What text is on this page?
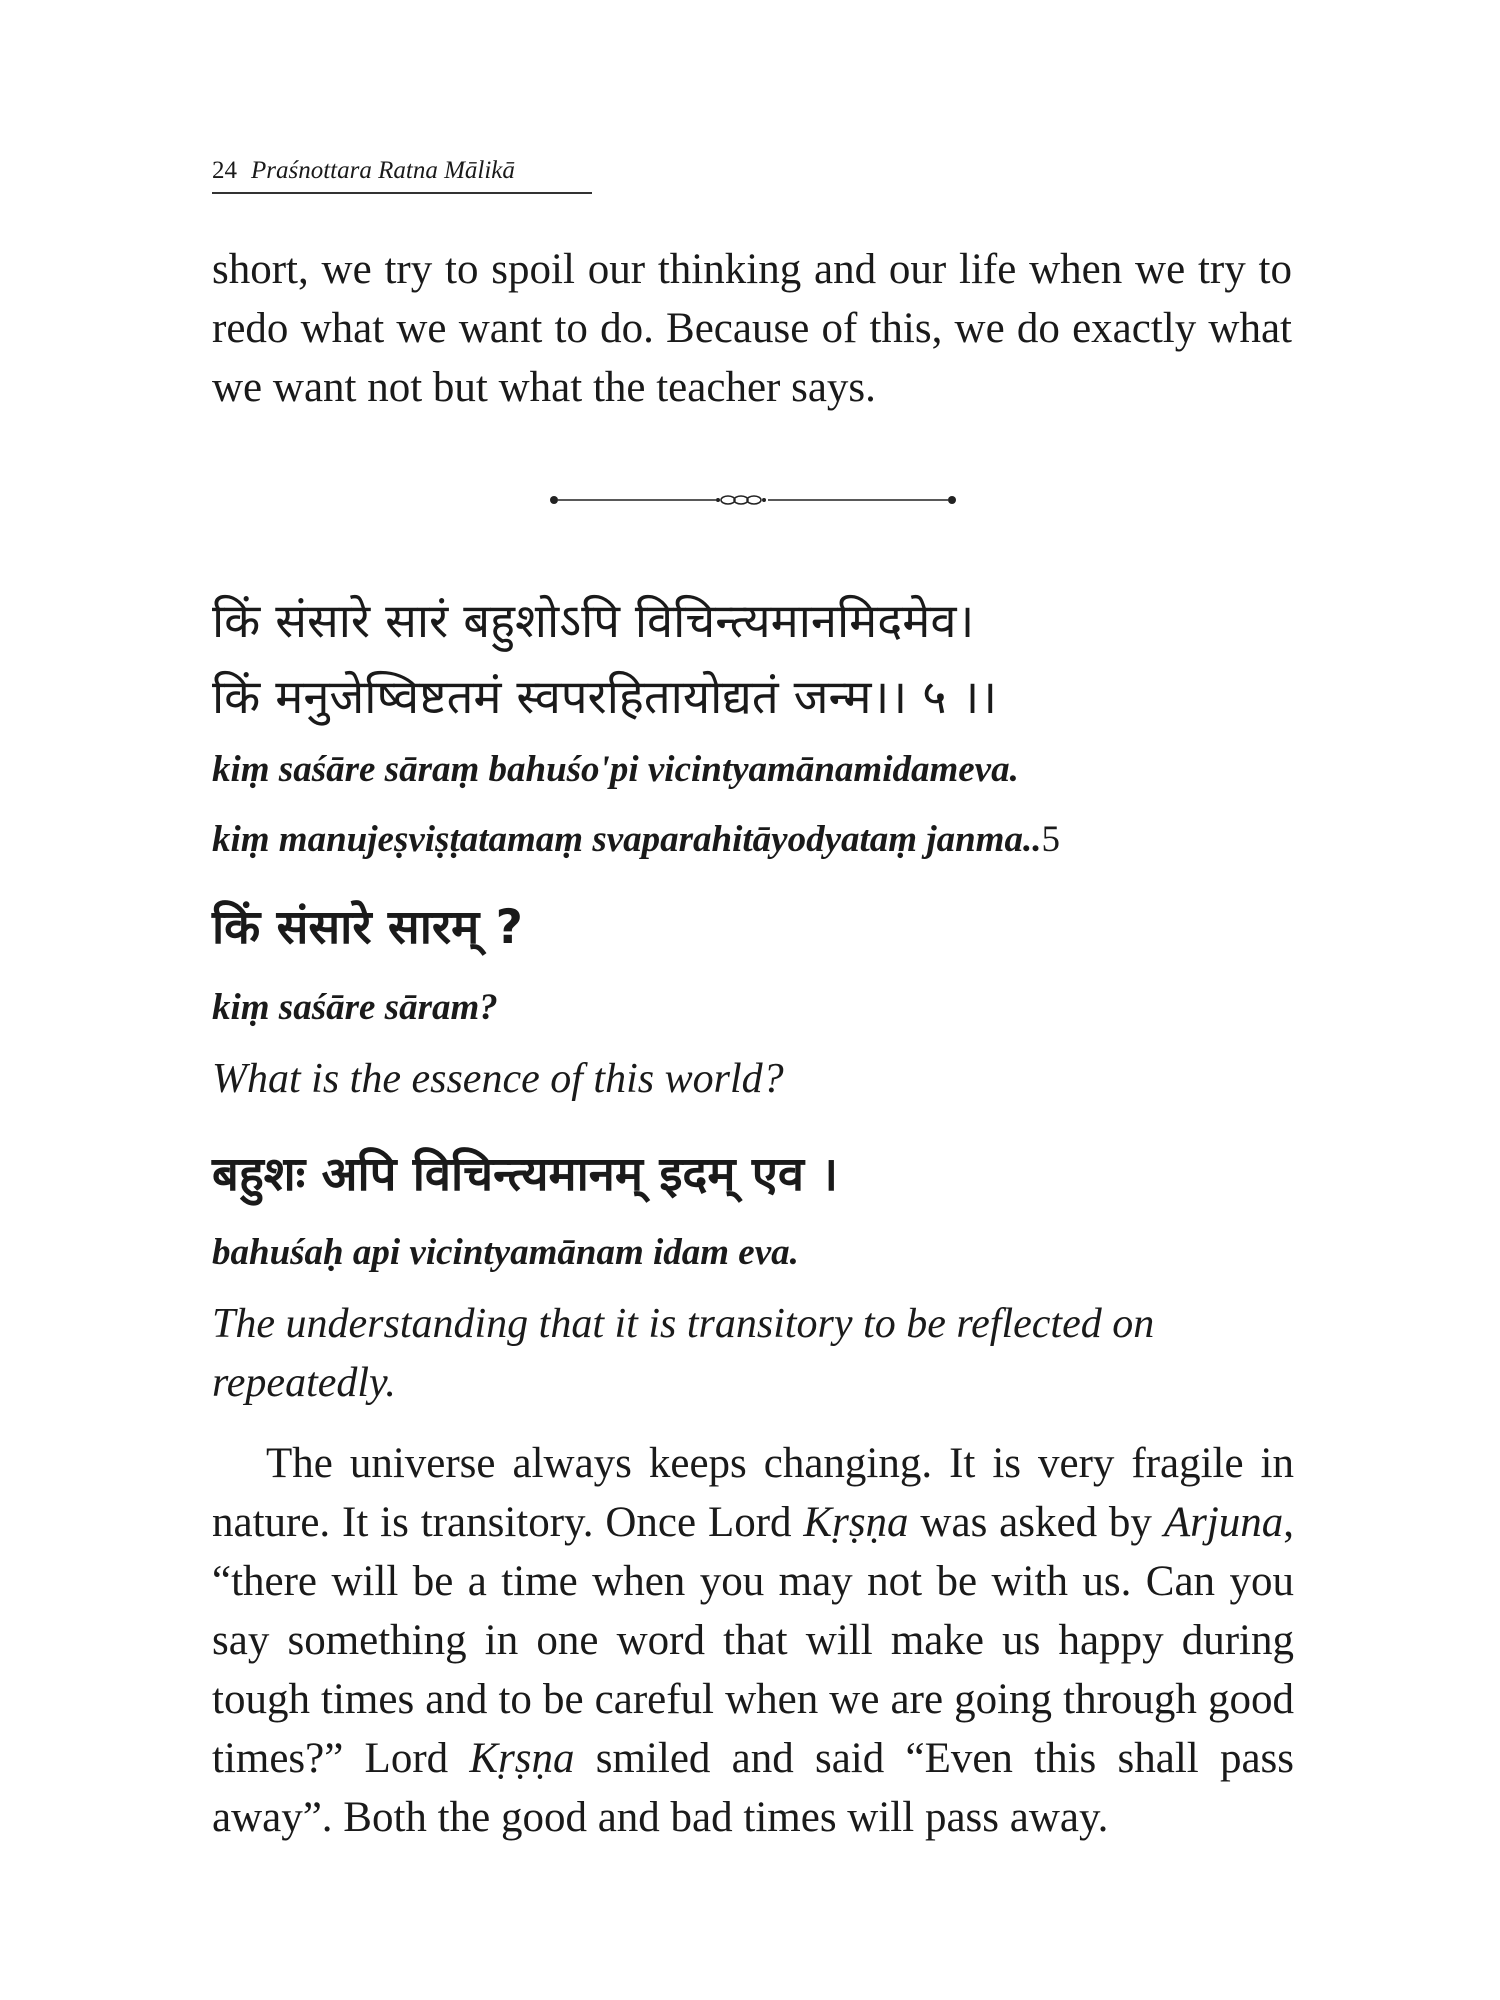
24 Praśnottara Ratna Mālikā
short, we try to spoil our thinking and our life when we try to redo what we want to do. Because of this, we do exactly what we want not but what the teacher says.
किं संसारे सारं बहुशोऽपि विचिन्त्यमानमिदमेव।
किं मनुजेष्विष्टतमं स्वपरहितायोद्यतं जन्म।। ५ ।।
kiṃ saśāre sāraṃ bahuśo'pi vicintyamānamidameva.
kiṃ manujeṣviṣṭatamaṃ svaparahitāyodyataṃ janma..5
किं संसारे सारम् ?
kiṃ saśāre sāram?
What is the essence of this world?
बहुशः अपि विचिन्त्यमानम् इदम् एव ।
bahuśaḥ api vicintyamānam idam eva.
The understanding that it is transitory to be reflected on repeatedly.
The universe always keeps changing. It is very fragile in nature. It is transitory. Once Lord Kṛṣṇa was asked by Arjuna, “there will be a time when you may not be with us. Can you say something in one word that will make us happy during tough times and to be careful when we are going through good times?” Lord Kṛṣṇa smiled and said “Even this shall pass away”. Both the good and bad times will pass away.
